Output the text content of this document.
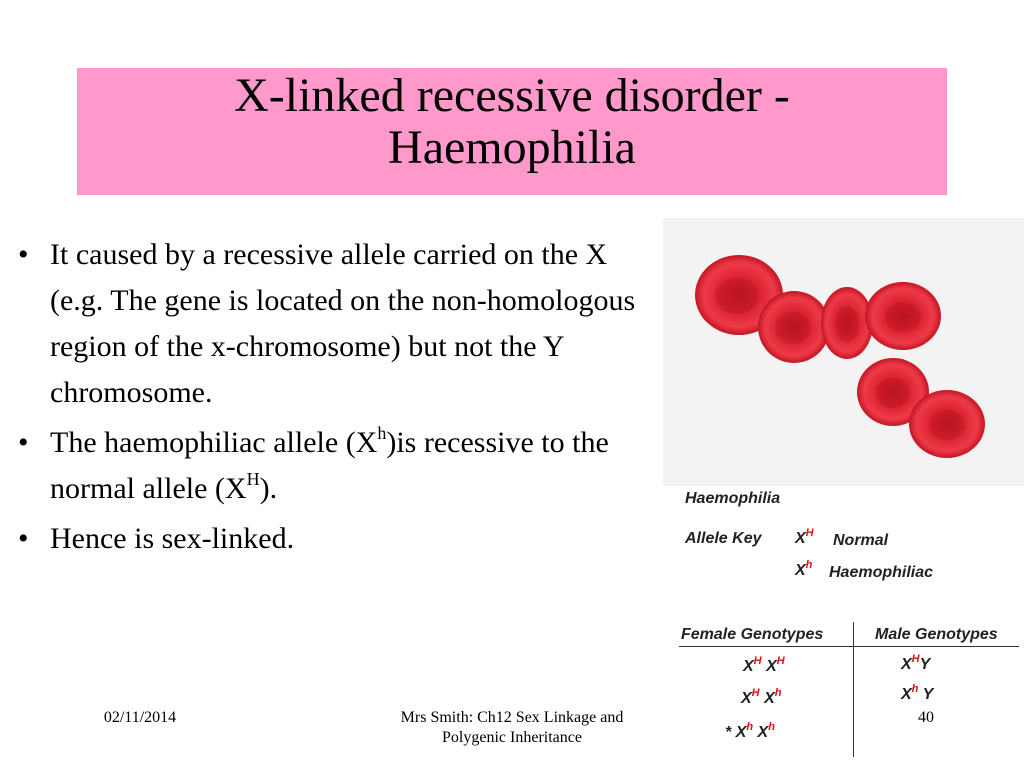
X-linked recessive disorder -
Haemophilia
• It caused by a recessive allele carried on the X (e.g. The gene is located on the non-homologous region of the x-chromosome) but not the Y chromosome.
• The haemophiliac allele $(X^h)is$ recessive to the normal allele $(X^H)$.
• Hence is sex-linked.
Haemophilia
Allele Key $X^H$ Normal
$X^h$ Haemophiliac
Female Genotypes	Male Genotypes
$X^H$ $X^H$	$X^HY$
$X^H$ $X^h$	$X^h$ Y
* $X^h$ $X^h$
02/11/2014	Mrs Smith: Ch12 Sex Linkage and
Polygenic Inheritance
40
